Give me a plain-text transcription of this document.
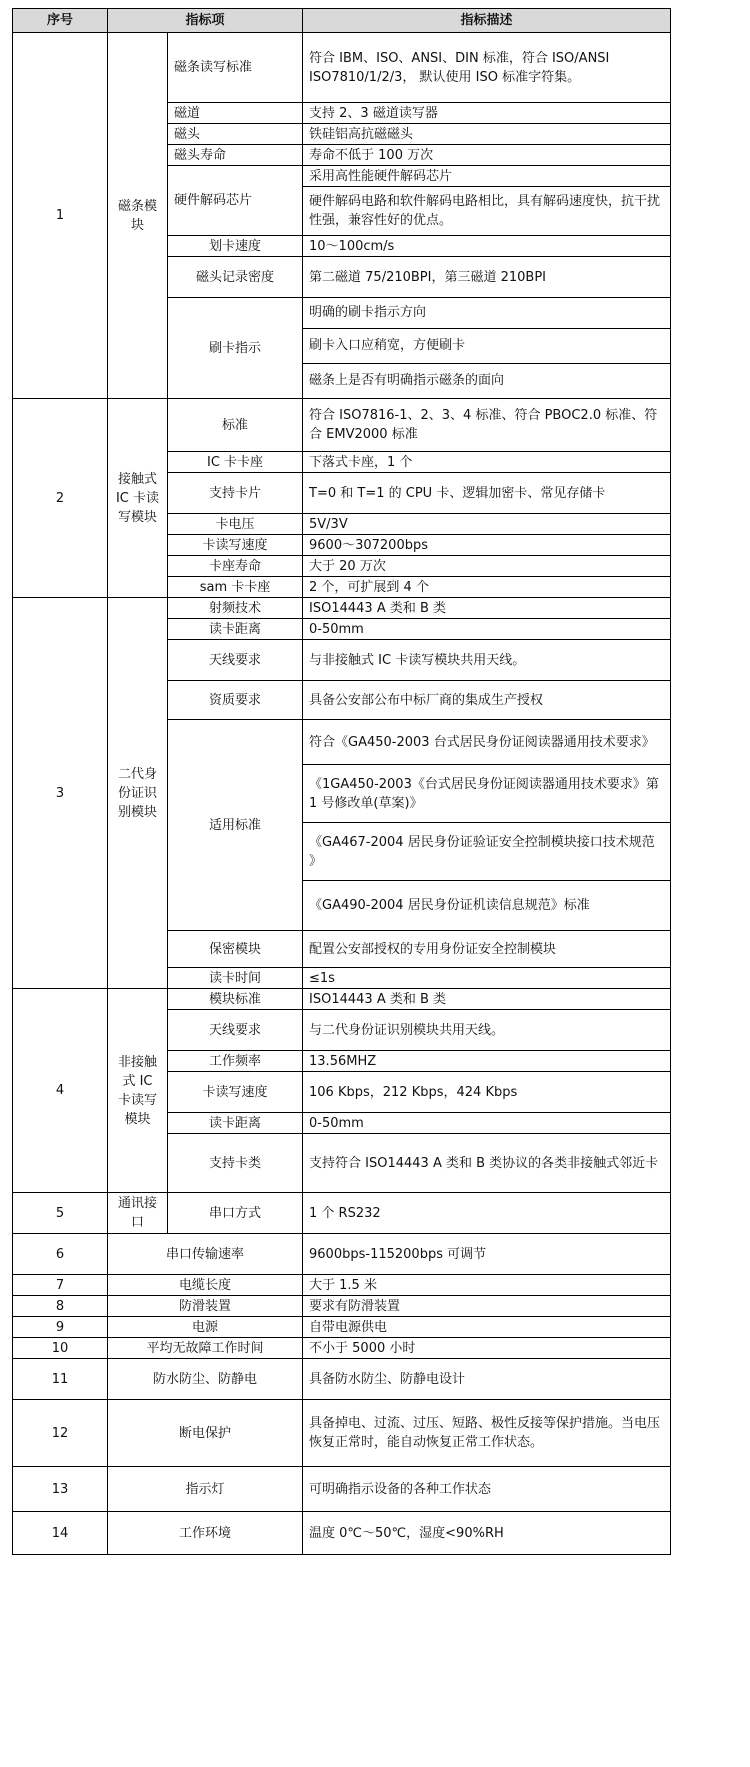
序号	指标项		指标描述
1	磁条模块	磁条读写标准	符合 IBM、ISO、ANSI、DIN 标准，符合 ISO/ANSI ISO7810/1/2/3， 默认使用 ISO 标准字符集。
		磁道	支持 2、3 磁道读写器
		磁头	铁硅铝高抗磁磁头
		磁头寿命	寿命不低于 100 万次
		硬件解码芯片	采用高性能硬件解码芯片
			硬件解码电路和软件解码电路相比，具有解码速度快，抗干扰性强，兼容性好的优点。
		划卡速度	10～100cm/s
		磁头记录密度	第二磁道 75/210BPI，第三磁道 210BPI
		刷卡指示	明确的刷卡指示方向
刷卡入口应稍宽，方便刷卡
磁条上是否有明确指示磁条的面向

2	接触式 IC 卡读写模块	标准	符合 ISO7816-1、2、3、4 标准、符合 PBOC2.0 标准、符合 EMV2000 标准
		IC 卡卡座	下落式卡座，1 个
		支持卡片	T=0 和 T=1 的 CPU 卡、逻辑加密卡、常见存储卡
		卡电压	5V/3V
		卡读写速度	9600～307200bps
		卡座寿命	大于 20 万次
		sam 卡卡座	2 个，可扩展到 4 个
3	二代身份证识别模块	射频技术	ISO14443 A 类和 B 类
		读卡距离	0-50mm
		天线要求	与非接触式 IC 卡读写模块共用天线。
		资质要求	具备公安部公布中标厂商的集成生产授权
		适用标准	符合《GA450-2003 台式居民身份证阅读器通用技术要求》
《1GA450-2003《台式居民身份证阅读器通用技术要求》第 1 号修改单(草案)》
《GA467-2004 居民身份证验证安全控制模块接口技术规范 》
《GA490-2004 居民身份证机读信息规范》标准

		保密模块	配置公安部授权的专用身份证安全控制模块
		读卡时间	≤1s
4	非接触式 IC 卡读写模块	模块标准	ISO14443 A 类和 B 类
		天线要求	与二代身份证识别模块共用天线。
		工作频率	13.56MHZ
		卡读写速度	106 Kbps，212 Kbps，424 Kbps
		读卡距离	0-50mm
		支持卡类	支持符合 ISO14443 A 类和 B 类协议的各类非接触式邻近卡
5	通讯接口	串口方式	1 个 RS232
6	串口传输速率		9600bps-115200bps 可调节
7	电缆长度		大于 1.5 米
8	防滑装置		要求有防滑装置
9	电源		自带电源供电
10	平均无故障工作时间		不小于 5000 小时
11	防水防尘、防静电		具备防水防尘、防静电设计
12	断电保护		具备掉电、过流、过压、短路、极性反接等保护措施。当电压恢复正常时，能自动恢复正常工作状态。
13	指示灯		可明确指示设备的各种工作状态
14	工作环境		温度 0℃～50℃，湿度<90%RH
